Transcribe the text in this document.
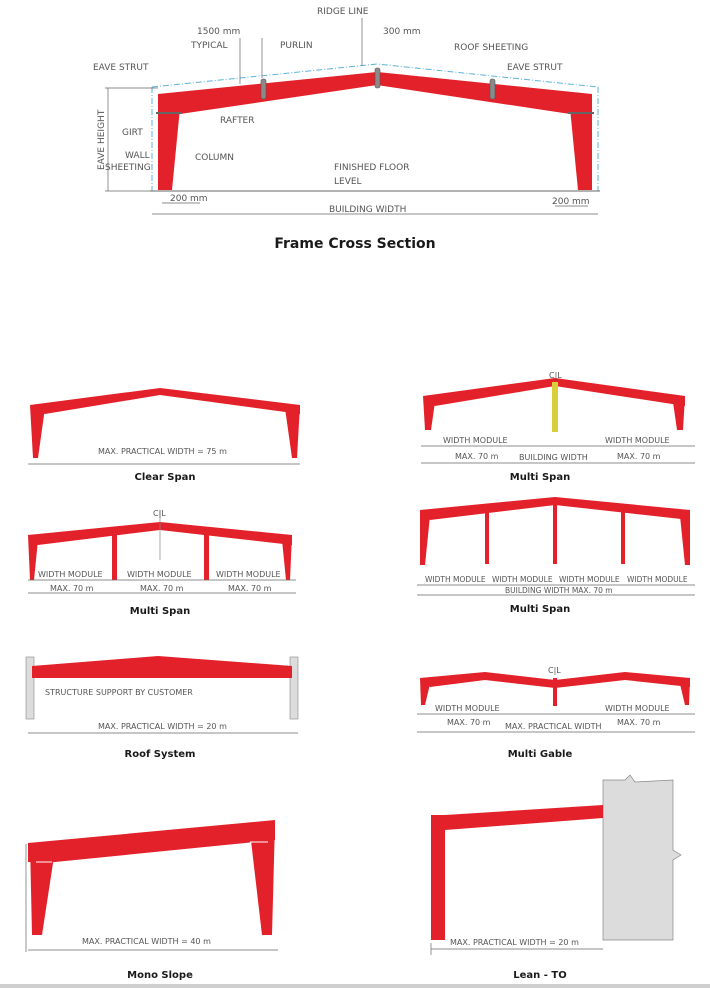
EAVE HEIGHT
BUILDING WIDTH
200 mm	200 mm
RIDGE LINE
300 mm
1500 mm
TYPICAL	PURLIN	ROOF SHEETING
EAVE STRUT	EAVE STRUT
RAFTER
GIRT
WALL
SHEETING
COLUMN
FINISHED FLOOR
LEVEL
Frame Cross Section
MAX. PRACTICAL WIDTH = 75 m
Clear Span
C|L
WIDTH MODULE	WIDTH MODULE
MAX. 70 m	BUILDING WIDTH	MAX. 70 m
Multi Span
C|L
WIDTH MODULE	WIDTH MODULE	WIDTH MODULE
MAX. 70 m	MAX. 70 m	MAX. 70 m
Multi Span
WIDTH MODULE WIDTH MODULE WIDTH MODULE WIDTH MODULE
BUILDING WIDTH MAX. 70 m
Multi Span
STRUCTURE SUPPORT BY CUSTOMER
MAX. PRACTICAL WIDTH = 20 m
Roof System
C|L
WIDTH MODULE	WIDTH MODULE
MAX. 70 m MAX. PRACTICAL WIDTH MAX. 70 m
Multi Gable
MAX. PRACTICAL WIDTH = 40 m
Mono Slope
MAX. PRACTICAL WIDTH = 20 m
Lean - TO
